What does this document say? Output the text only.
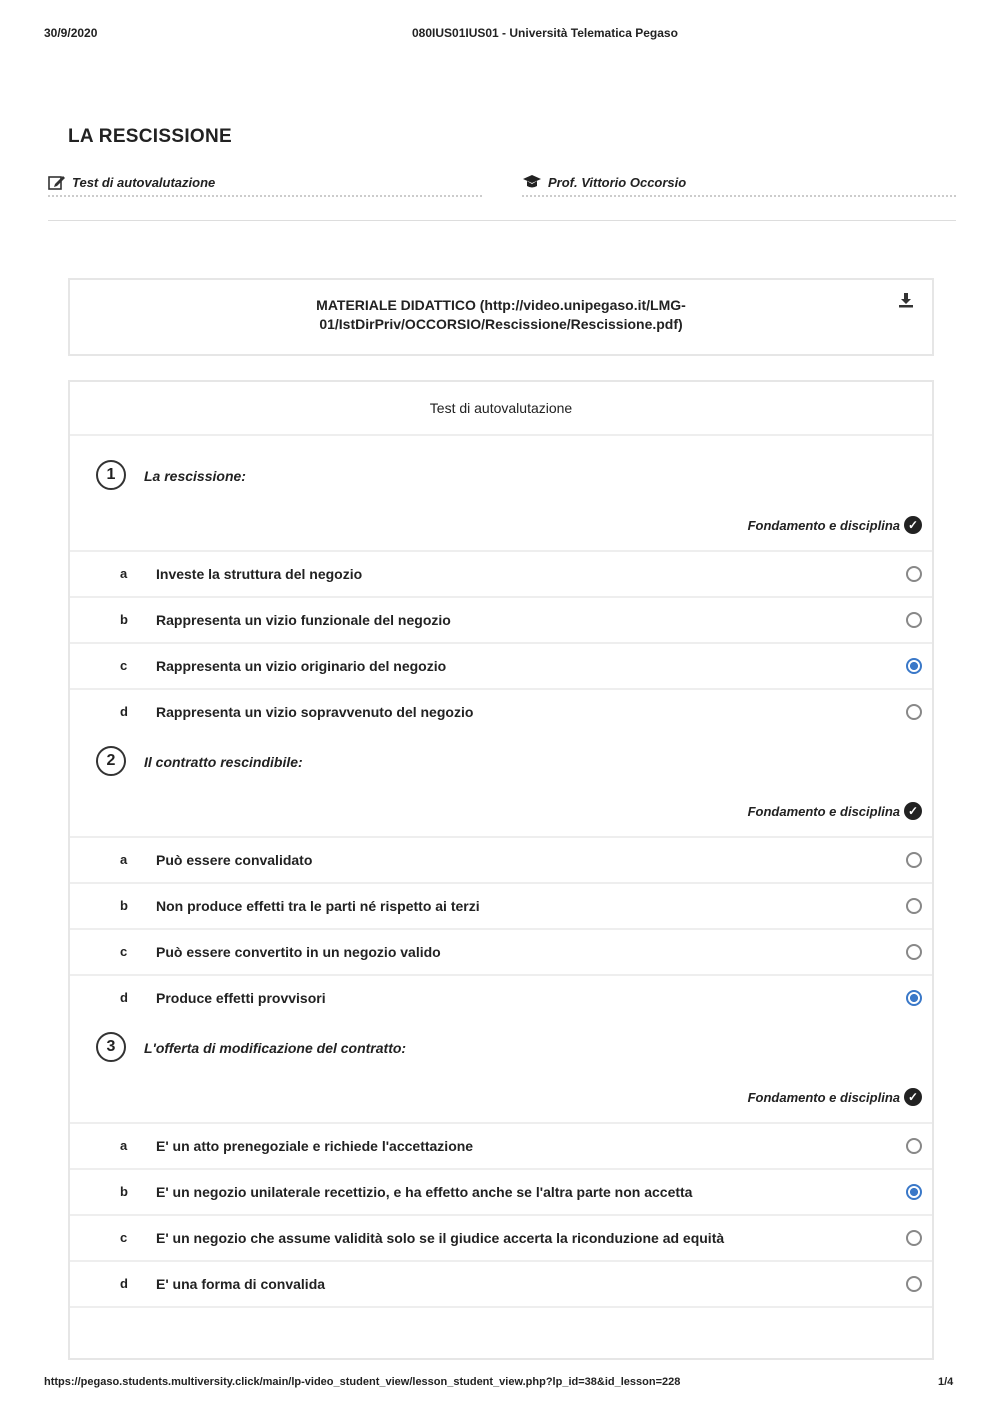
30/9/2020	080IUS01IUS01 - Università Telematica Pegaso
LA RESCISSIONE
Test di autovalutazione	Prof. Vittorio Occorsio
MATERIALE DIDATTICO (http://video.unipegaso.it/LMG-01/IstDirPriv/OCCORSIO/Rescissione/Rescissione.pdf)
Test di autovalutazione
1	La rescissione:
Fondamento e disciplina ✓
a Investe la struttura del negozio
b Rappresenta un vizio funzionale del negozio
c Rappresenta un vizio originario del negozio
d Rappresenta un vizio sopravvenuto del negozio
2	Il contratto rescindibile:
Fondamento e disciplina ✓
a Può essere convalidato
b Non produce effetti tra le parti né rispetto ai terzi
c Può essere convertito in un negozio valido
d Produce effetti provvisori
3	L'offerta di modificazione del contratto:
Fondamento e disciplina ✓
a E' un atto prenegoziale e richiede l'accettazione
b E' un negozio unilaterale recettizio, e ha effetto anche se l'altra parte non accetta
c E' un negozio che assume validità solo se il giudice accerta la riconduzione ad equità
d E' una forma di convalida
https://pegaso.students.multiversity.click/main/lp-video_student_view/lesson_student_view.php?lp_id=38&id_lesson=228	1/4
